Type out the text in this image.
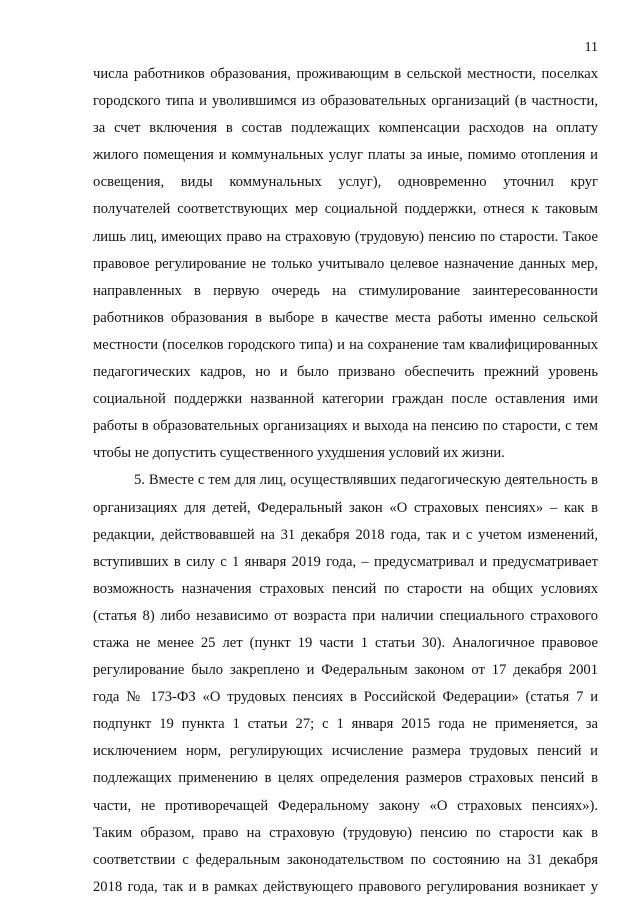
11
числа работников образования, проживающим в сельской местности, поселках
городского типа и уволившимся из образовательных организаций (в частности,
за счет включения в состав подлежащих компенсации расходов на оплату
жилого помещения и коммунальных услуг платы за иные, помимо отопления и
освещения, виды коммунальных услуг), одновременно уточнил круг
получателей соответствующих мер социальной поддержки, отнеся к таковым
лишь лиц, имеющих право на страховую (трудовую) пенсию по старости. Такое
правовое регулирование не только учитывало целевое назначение данных мер,
направленных в первую очередь на стимулирование заинтересованности
работников образования в выборе в качестве места работы именно сельской
местности (поселков городского типа) и на сохранение там квалифицированных
педагогических кадров, но и было призвано обеспечить прежний уровень
социальной поддержки названной категории граждан после оставления ими
работы в образовательных организациях и выхода на пенсию по старости, с тем
чтобы не допустить существенного ухудшения условий их жизни.
5. Вместе с тем для лиц, осуществлявших педагогическую деятельность в
организациях для детей, Федеральный закон «О страховых пенсиях» – как в
редакции, действовавшей на 31 декабря 2018 года, так и с учетом изменений,
вступивших в силу с 1 января 2019 года, – предусматривал и предусматривает
возможность назначения страховых пенсий по старости на общих условиях
(статья 8) либо независимо от возраста при наличии специального страхового
стажа не менее 25 лет (пункт 19 части 1 статьи 30). Аналогичное правовое
регулирование было закреплено и Федеральным законом от 17 декабря 2001
года № 173-ФЗ «О трудовых пенсиях в Российской Федерации» (статья 7 и
подпункт 19 пункта 1 статьи 27; с 1 января 2015 года не применяется, за
исключением норм, регулирующих исчисление размера трудовых пенсий и
подлежащих применению в целях определения размеров страховых пенсий в
части, не противоречащей Федеральному закону «О страховых пенсиях»).
Таким образом, право на страховую (трудовую) пенсию по старости как в
соответствии с федеральным законодательством по состоянию на 31 декабря
2018 года, так и в рамках действующего правового регулирования возникает у
